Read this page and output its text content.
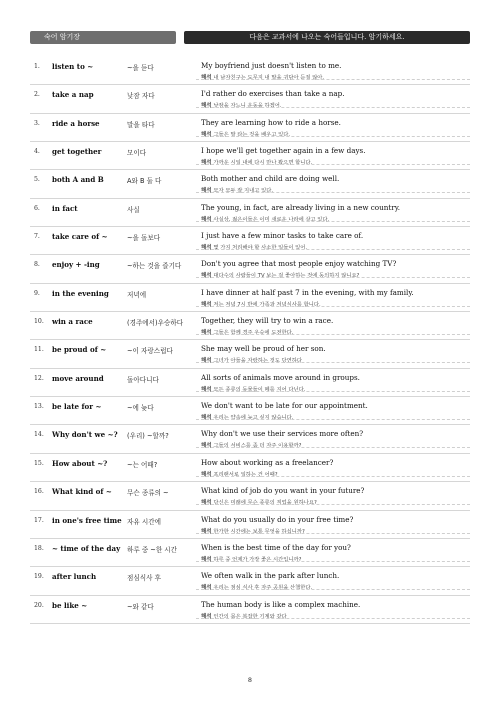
숙어 암기장	다음은 교과서에 나오는 숙어들입니다. 암기하세요.
1.	listen to ~	~을 듣다	My boyfriend just doesn't listen to me.
해석 내 남자친구는 도무지 내 말을 귀담아 듣질 않아.
2.	take a nap	낮잠 자다	I'd rather do exercises than take a nap.
해석 낮잠을 자느니 운동을 하겠어.
3.	ride a horse	말을 타다	They are learning how to ride a horse.
해석 그들은 말 타는 것을 배우고 있다.
4.	get together	모이다	I hope we'll get together again in a few days.
해석 가까운 시일 내에 다시 만나 봤으면 합니다.
5.	both A and B	A와 B 둘 다	Both mother and child are doing well.
해석 모자 모두 잘 지내고 있다.
6.	in fact	사실	The young, in fact, are already living in a new country.
해석 사실상, 젊은이들은 이미 새로운 나라에 살고 있다.
7.	take care of ~	~을 돌보다	I just have a few minor tasks to take care of.
해석 몇 가지 처리해야 할 사소한 일들이 있어.
8.	enjoy + -ing	~하는 것을 즐기다	Don't you agree that most people enjoy watching TV?
해석 대다수의 사람들이 TV 보는 걸 좋아하는 것에 동의하지 않니요?
9.	in the evening	저녁에	I have dinner at half past 7 in the evening, with my family.
해석 저는 저녁 7시 반에 가족과 저녁식사를 합니다.
10.	win a race	(경주에서)우승하다	Together, they will try to win a race.
해석 그들은 함께 경주 우승에 도전한다.
11.	be proud of ~	~이 자랑스럽다	She may well be proud of her son.
해석 그녀가 아들을 자랑하는 것도 당연하다
12.	move around	돌아다니다	All sorts of animals move around in groups.
해석 모든 종류의 동물들이 떼를 지어 다닌다.
13.	be late for ~	~에 늦다	We don't want to be late for our appointment.
해석 우리는 약속에 늦고 싶지 않습니다.
14.	Why don't we ~?	(우리) ~할까?	Why don't we use their services more often?
해석 그들의 서비스를 좀 더 자주 이용할까?
15.	How about ~?	~는 어때?	How about working as a freelancer?
해석 프리랜서로 일하는 건 어때?
16.	What kind of ~	무슨 종류의 ~	What kind of job do you want in your future?
해석 당신은 미래에 무슨 종류의 직업을 원하나요?
17.	in one's free time 자유 시간에	What do you usually do in your free time?
해석 한가한 시간에는 보통 무엇을 하십니까?
18.	~ time of the day 하루 중 ~한 시간	When is the best time of the day for you?
해석 하루 중 언제가 가장 좋은 시간입니까?
19.	after lunch	점심식사 후	We often walk in the park after lunch.
해석 우리는 점심 식사 후 자주 공원을 산책한다.
20.	be like ~	~와 같다	The human body is like a complex machine.
해석 인간의 몸은 복잡한 기계와 같다
8
